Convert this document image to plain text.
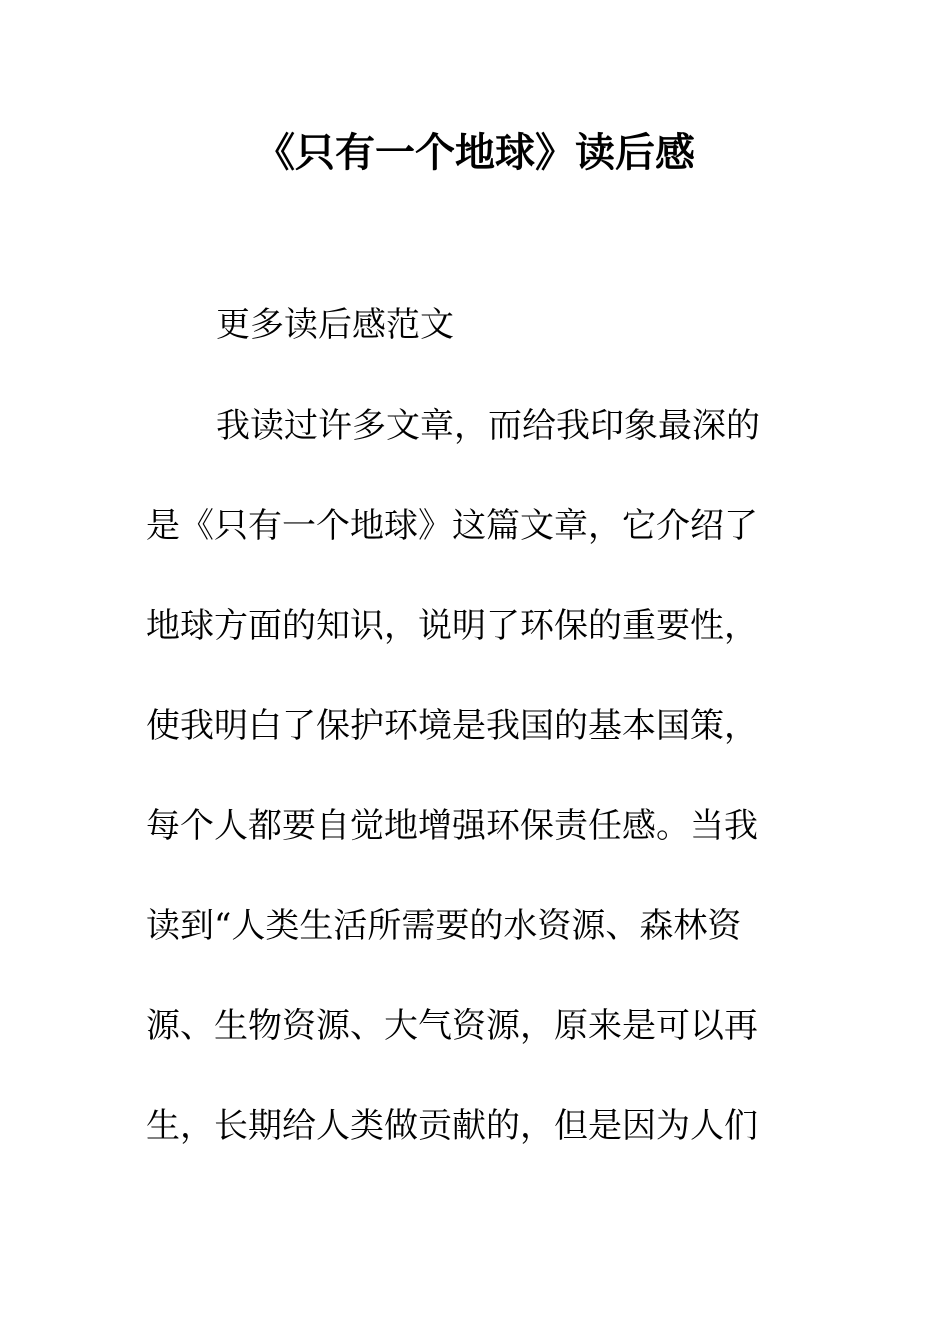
《只有一个地球》读后感
更多读后感范文
我读过许多文章，而给我印象最深的
是《只有一个地球》这篇文章，它介绍了
地球方面的知识，说明了环保的重要性，
使我明白了保护环境是我国的基本国策，
每个人都要自觉地增强环保责任感。当我
读到“人类生活所需要的水资源、森林资
源、生物资源、大气资源，原来是可以再
生，长期给人类做贡献的，但是因为人们
